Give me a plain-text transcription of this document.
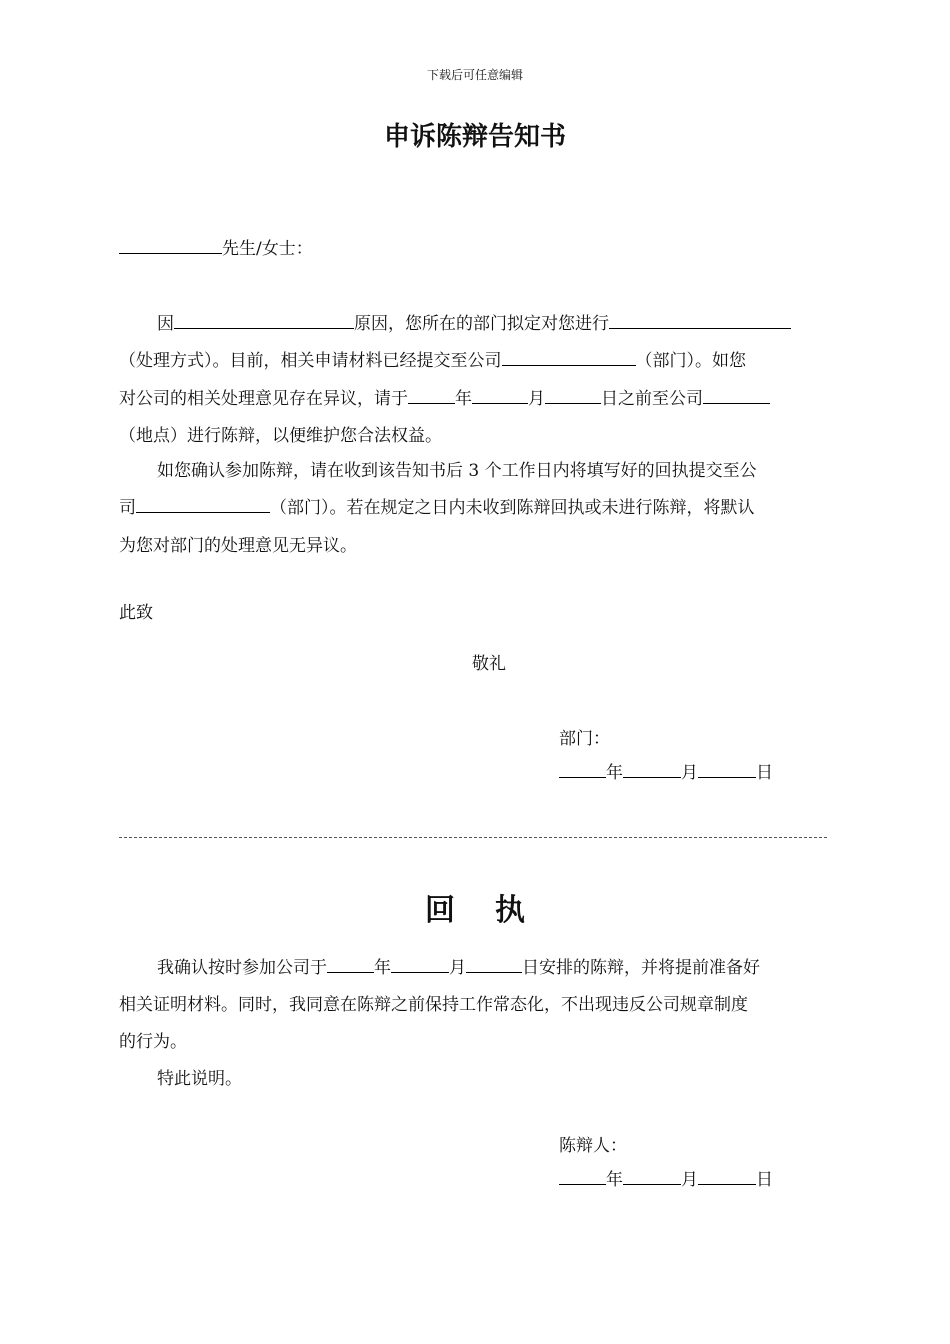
下载后可任意编辑
申诉陈辩告知书
先生/女士：
因	原因，您所在的部门拟定对您进行
（处理方式）。目前，相关申请材料已经提交至公司	（部门）。如您
对公司的相关处理意见存在异议，请于	年	月	日之前至公司
（地点）进行陈辩，以便维护您合法权益。
如您确认参加陈辩，请在收到该告知书后 3 个工作日内将填写好的回执提交至公
司	（部门）。若在规定之日内未收到陈辩回执或未进行陈辩，将默认
为您对部门的处理意见无异议。
此致
敬礼
部门：
年	月	日
回 执
我确认按时参加公司于	年	月	日安排的陈辩，并将提前准备好
相关证明材料。同时，我同意在陈辩之前保持工作常态化，不出现违反公司规章制度
的行为。
特此说明。
陈辩人：
年	月	日
